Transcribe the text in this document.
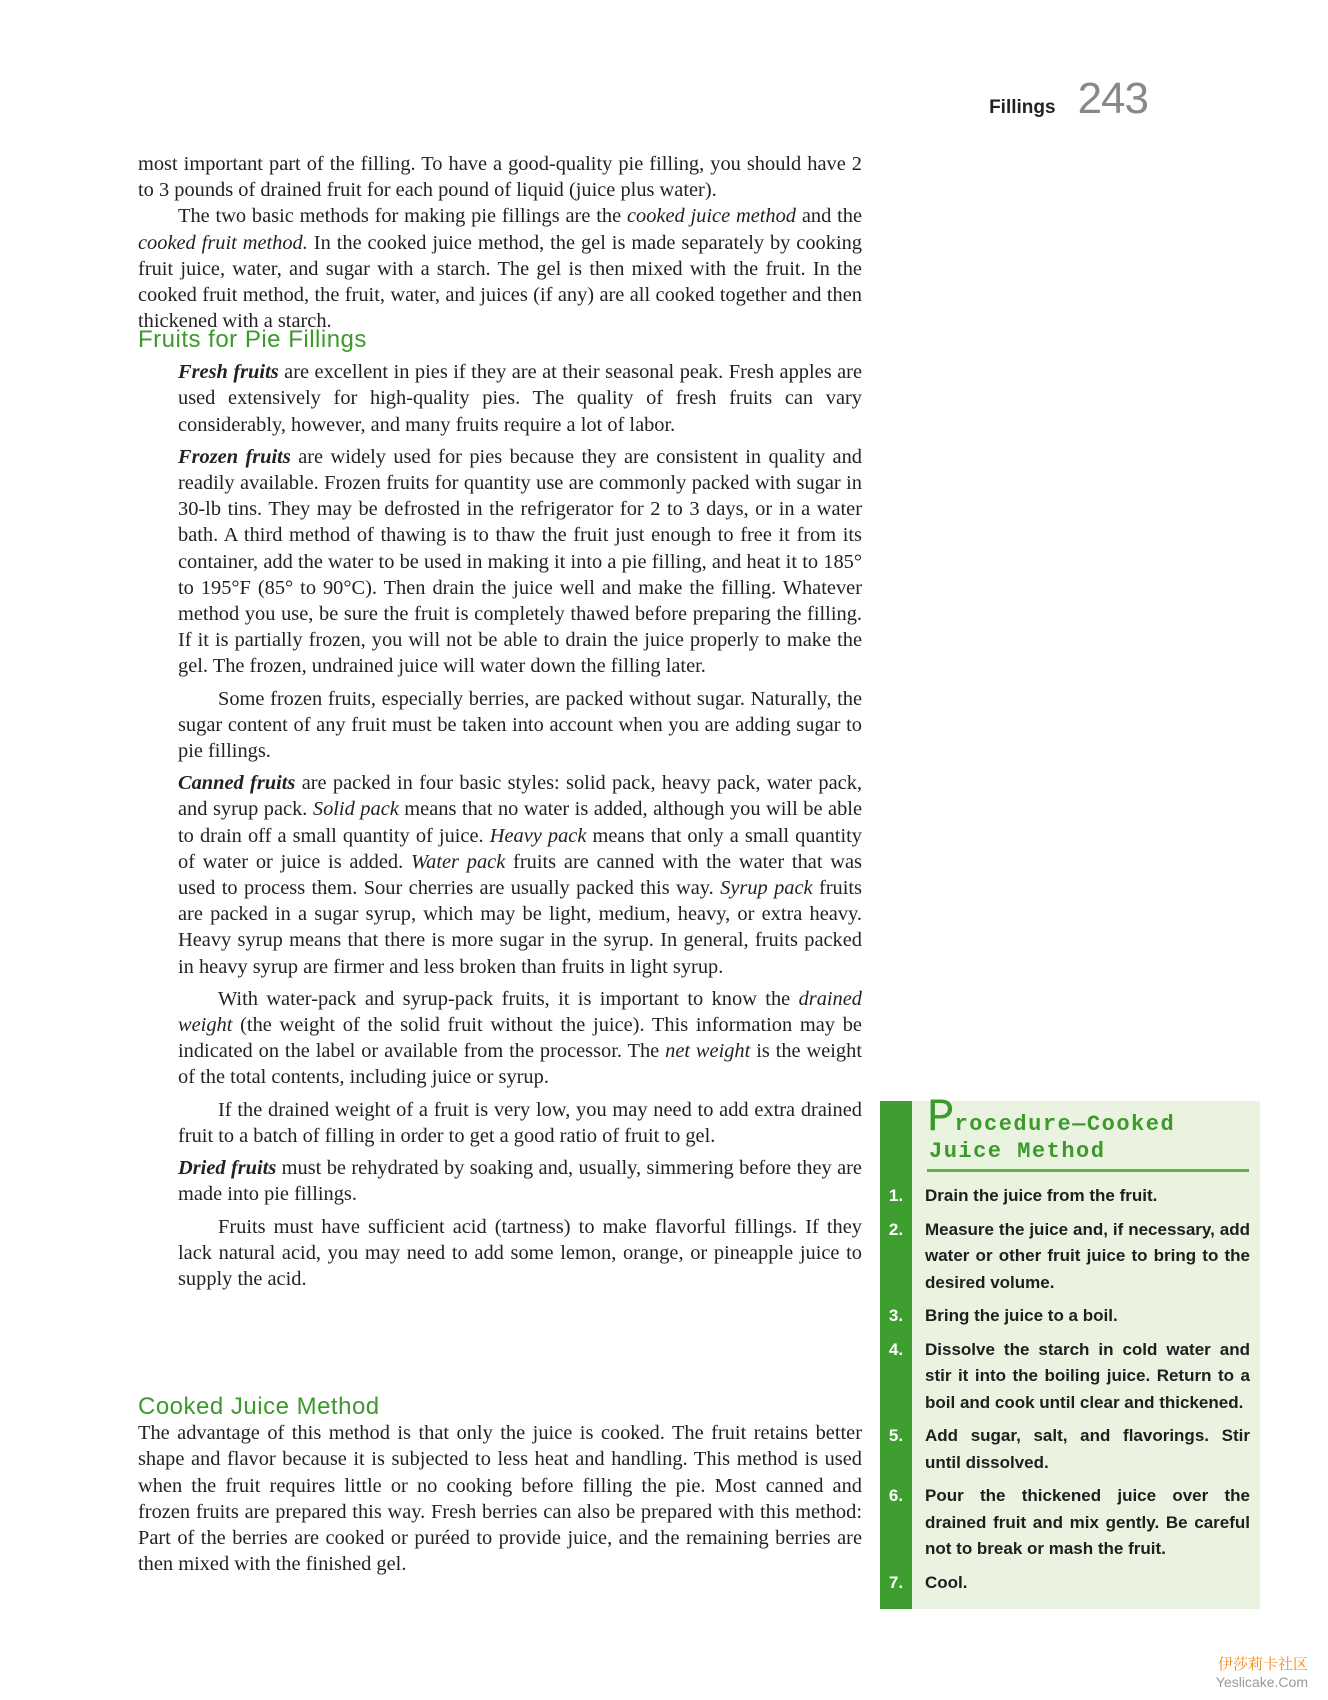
Fillings 243

most important part of the filling. To have a good-quality pie filling, you should have 2 to 3 pounds of drained fruit for each pound of liquid (juice plus water).

The two basic methods for making pie fillings are the cooked juice method and the cooked fruit method. In the cooked juice method, the gel is made separately by cooking fruit juice, water, and sugar with a starch. The gel is then mixed with the fruit. In the cooked fruit method, the fruit, water, and juices (if any) are all cooked together and then thickened with a starch.

Fruits for Pie Fillings

Fresh fruits are excellent in pies if they are at their seasonal peak. Fresh apples are used extensively for high-quality pies. The quality of fresh fruits can vary considerably, however, and many fruits require a lot of labor.

Frozen fruits are widely used for pies because they are consistent in quality and readily available. Frozen fruits for quantity use are commonly packed with sugar in 30-lb tins. They may be defrosted in the refrigerator for 2 to 3 days, or in a water bath. A third method of thawing is to thaw the fruit just enough to free it from its container, add the water to be used in making it into a pie filling, and heat it to 185° to 195°F (85° to 90°C). Then drain the juice well and make the filling. Whatever method you use, be sure the fruit is completely thawed before preparing the filling. If it is partially frozen, you will not be able to drain the juice properly to make the gel. The frozen, undrained juice will water down the filling later.

Some frozen fruits, especially berries, are packed without sugar. Naturally, the sugar content of any fruit must be taken into account when you are adding sugar to pie fillings.

Canned fruits are packed in four basic styles: solid pack, heavy pack, water pack, and syrup pack. Solid pack means that no water is added, although you will be able to drain off a small quantity of juice. Heavy pack means that only a small quantity of water or juice is added. Water pack fruits are canned with the water that was used to process them. Sour cherries are usually packed this way. Syrup pack fruits are packed in a sugar syrup, which may be light, medium, heavy, or extra heavy. Heavy syrup means that there is more sugar in the syrup. In general, fruits packed in heavy syrup are firmer and less broken than fruits in light syrup.

With water-pack and syrup-pack fruits, it is important to know the drained weight (the weight of the solid fruit without the juice). This information may be indicated on the label or available from the processor. The net weight is the weight of the total contents, including juice or syrup.

If the drained weight of a fruit is very low, you may need to add extra drained fruit to a batch of filling in order to get a good ratio of fruit to gel.

Dried fruits must be rehydrated by soaking and, usually, simmering before they are made into pie fillings.

Fruits must have sufficient acid (tartness) to make flavorful fillings. If they lack natural acid, you may need to add some lemon, orange, or pineapple juice to supply the acid.

Cooked Juice Method

The advantage of this method is that only the juice is cooked. The fruit retains better shape and flavor because it is subjected to less heat and handling. This method is used when the fruit requires little or no cooking before filling the pie. Most canned and frozen fruits are prepared this way. Fresh berries can also be prepared with this method: Part of the berries are cooked or puréed to provide juice, and the remaining berries are then mixed with the finished gel.

Procedure—Cooked
Juice Method
1.	Drain the juice from the fruit.
2.	Measure the juice and, if necessary, add water or other fruit juice to bring to the desired volume.
3.	Bring the juice to a boil.
4.	Dissolve the starch in cold water and stir it into the boiling juice. Return to a boil and cook until clear and thickened.
5.	Add sugar, salt, and flavorings. Stir until dissolved.
6.	Pour the thickened juice over the drained fruit and mix gently. Be careful not to break or mash the fruit.
7.	Cool.
伊莎莉卡社区
Yeslicake.Com
